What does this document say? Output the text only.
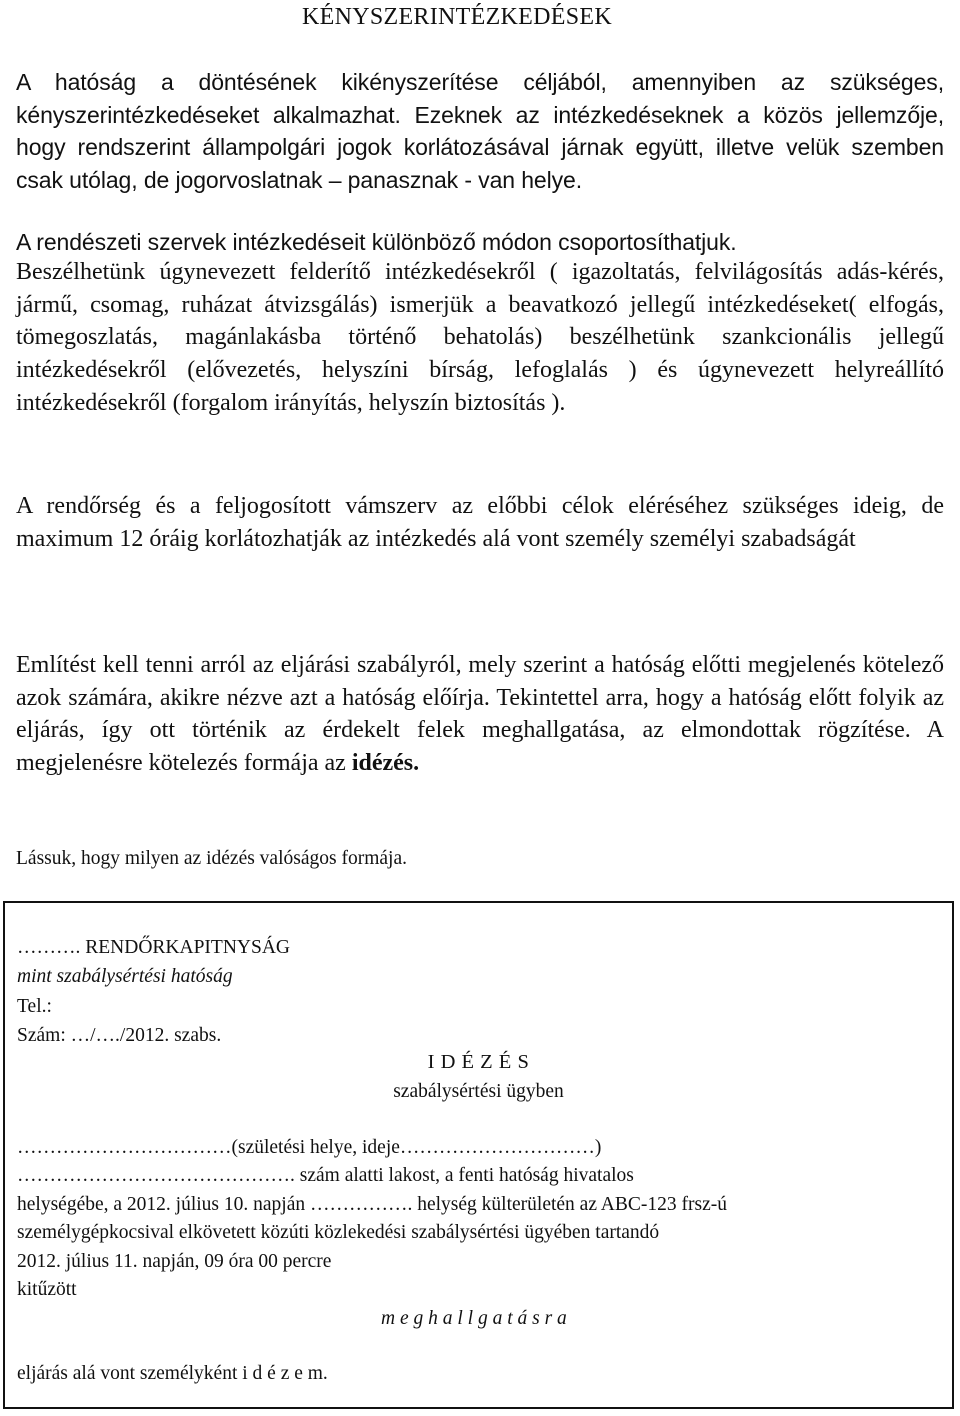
KÉNYSZERINTÉZKEDÉSEK

A hatóság a döntésének kikényszerítése céljából, amennyiben az szükséges, kényszerintézkedéseket alkalmazhat. Ezeknek az intézkedéseknek a közös jellemzője, hogy rendszerint állampolgári jogok korlátozásával járnak együtt, illetve velük szemben csak utólag, de jogorvoslatnak – panasznak - van helye.

A rendészeti szervek intézkedéseit különböző módon csoportosíthatjuk.

Beszélhetünk úgynevezett felderítő intézkedésekről ( igazoltatás, felvilágosítás adás-kérés, jármű, csomag, ruházat átvizsgálás) ismerjük a beavatkozó jellegű intézkedéseket( elfogás, tömegoszlatás, magánlakásba történő behatolás) beszélhetünk szankcionális jellegű intézkedésekről (elővezetés, helyszíni bírság, lefoglalás ) és úgynevezett helyreállító intézkedésekről (forgalom irányítás, helyszín biztosítás ).

A rendőrség és a feljogosított vámszerv az előbbi célok eléréséhez szükséges ideig, de maximum 12 óráig korlátozhatják az intézkedés alá vont személy személyi szabadságát

Említést kell tenni arról az eljárási szabályról, mely szerint a hatóság előtti megjelenés kötelező azok számára, akikre nézve azt a hatóság előírja. Tekintettel arra, hogy a hatóság előtt folyik az eljárás, így ott történik az érdekelt felek meghallgatása, az elmondottak rögzítése. A megjelenésre kötelezés formája az idézés.

Lássuk, hogy milyen az idézés valóságos formája.

………. RENDŐRKAPITNYSÁG
mint szabálysértési hatóság
Tel.:
Szám: …/…./2012. szabs.
I D É Z É S
szabálysértési ügyben
……………………………(születési helye, ideje…………………………)
……………………………………. szám alatti lakost, a fenti hatóság hivatalos
helységébe, a 2012. július 10. napján ……………. helység külterületén az ABC-123 frsz-ú
személygépkocsival elkövetett közúti közlekedési szabálysértési ügyében tartandó
2012. július 11. napján, 09 óra 00 percre
kitűzött
m e g h a l l g a t á s r a
eljárás alá vont személyként i d é z e m.
